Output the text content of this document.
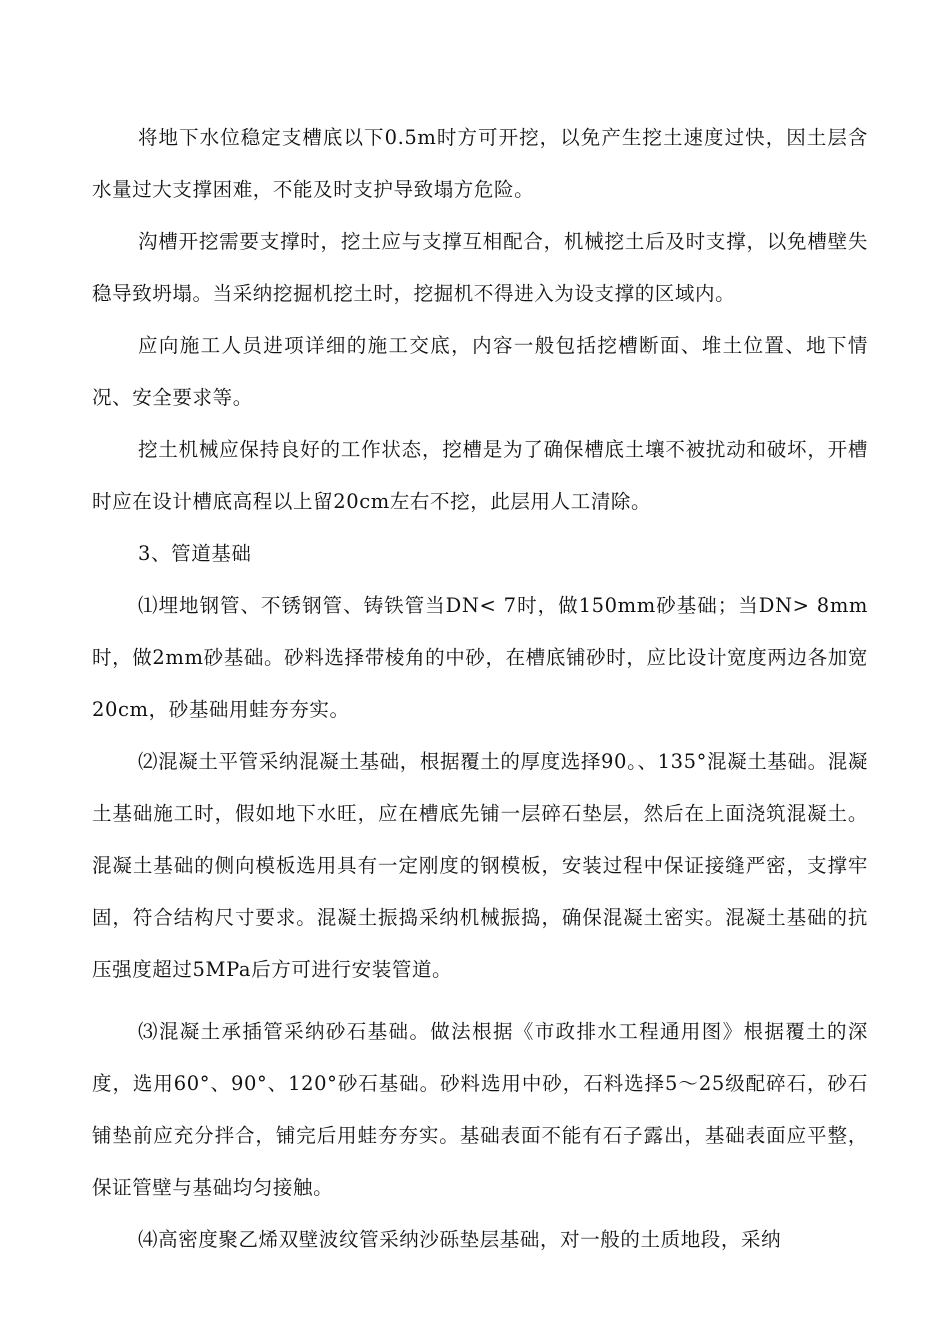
将地下水位稳定支槽底以下0.5m时方可开挖，以免产生挖土速度过快，因土层含水量过大支撑困难，不能及时支护导致塌方危险。

沟槽开挖需要支撑时，挖土应与支撑互相配合，机械挖土后及时支撑，以免槽壁失稳导致坍塌。当采纳挖掘机挖土时，挖掘机不得进入为设支撑的区域内。

应向施工人员进项详细的施工交底，内容一般包括挖槽断面、堆土位置、地下情况、安全要求等。

挖土机械应保持良好的工作状态，挖槽是为了确保槽底土壤不被扰动和破坏，开槽时应在设计槽底高程以上留20cm左右不挖，此层用人工清除。

3、管道基础

⑴埋地钢管、不锈钢管、铸铁管当DN< 7时，做150mm砂基础；当DN> 8mm时，做2mm砂基础。砂料选择带棱角的中砂，在槽底铺砂时，应比设计宽度两边各加宽20cm，砂基础用蛙夯夯实。

⑵混凝土平管采纳混凝土基础，根据覆土的厚度选择90。、135°混凝土基础。混凝土基础施工时，假如地下水旺，应在槽底先铺一层碎石垫层，然后在上面浇筑混凝土。混凝土基础的侧向模板选用具有一定刚度的钢模板，安装过程中保证接缝严密，支撑牢固，符合结构尺寸要求。混凝土振捣采纳机械振捣，确保混凝土密实。混凝土基础的抗压强度超过5MPa后方可进行安装管道。

⑶混凝土承插管采纳砂石基础。做法根据《市政排水工程通用图》根据覆土的深度，选用60°、90°、120°砂石基础。砂料选用中砂，石料选择5〜25级配碎石，砂石铺垫前应充分拌合，铺完后用蛙夯夯实。基础表面不能有石子露出，基础表面应平整，保证管壁与基础均匀接触。

⑷高密度聚乙烯双壁波纹管采纳沙砾垫层基础，对一般的土质地段，采纳
